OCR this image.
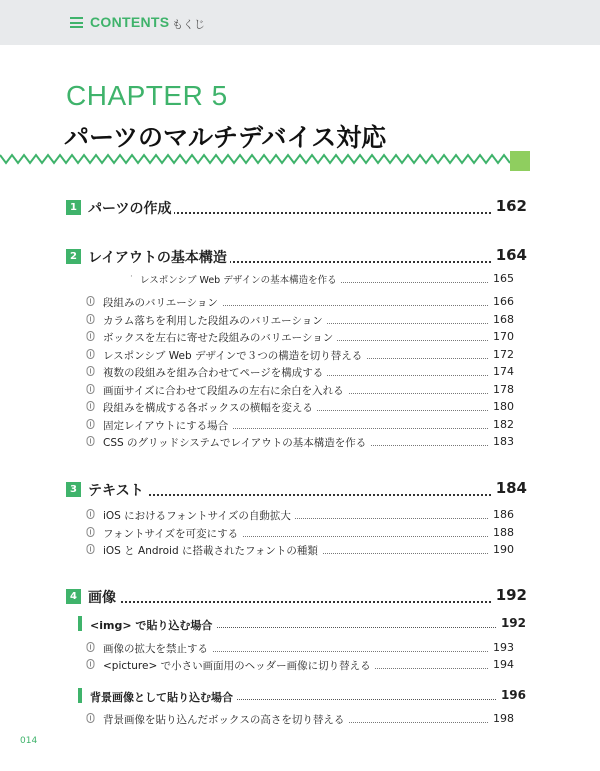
CONTENTS もくじ
CHAPTER 5
パーツのマルチデバイス対応
1 パーツの作成	162
2 レイアウトの基本構造	164
· レスポンシブ Web デザインの基本構造を作る	165
段組みのバリエーション	166
カラム落ちを利用した段組みのバリエーション	168
ボックスを左右に寄せた段組みのバリエーション	170
レスポンシブ Web デザインで３つの構造を切り替える	172
複数の段組みを組み合わせてページを構成する	174
画面サイズに合わせて段組みの左右に余白を入れる	178
段組みを構成する各ボックスの横幅を変える	180
固定レイアウトにする場合	182
CSS のグリッドシステムでレイアウトの基本構造を作る	183
3 テキスト	184
iOS におけるフォントサイズの自動拡大	186
フォントサイズを可変にする	188
iOS と Android に搭載されたフォントの種類	190
4 画像	192
<img> で貼り込む場合	192
画像の拡大を禁止する	193
<picture> で小さい画面用のヘッダー画像に切り替える	194
背景画像として貼り込む場合	196
背景画像を貼り込んだボックスの高さを切り替える	198
014
